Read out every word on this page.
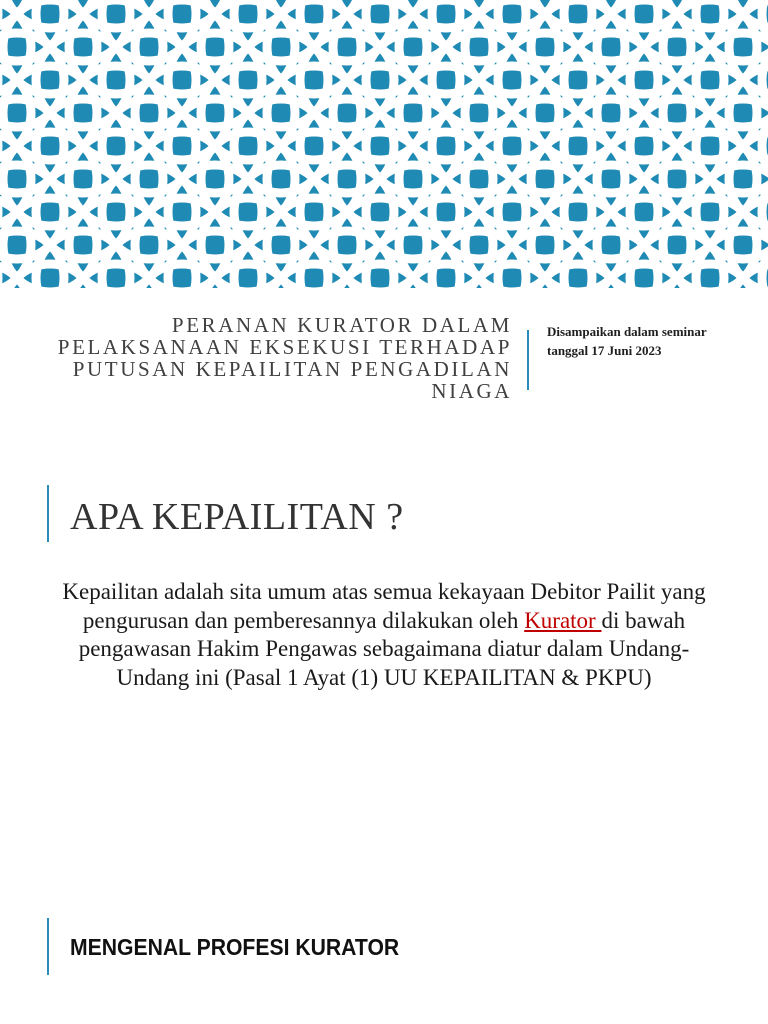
PERANAN KURATOR DALAM PELAKSANAAN EKSEKUSI TERHADAP PUTUSAN KEPAILITAN PENGADILAN NIAGA
Disampaikan dalam seminar tanggal 17 Juni 2023
APA KEPAILITAN ?
Kepailitan adalah sita umum atas semua kekayaan Debitor Pailit yang pengurusan dan pemberesannya dilakukan oleh Kurator di bawah pengawasan Hakim Pengawas sebagaimana diatur dalam Undang-Undang ini (Pasal 1 Ayat (1) UU KEPAILITAN & PKPU)
MENGENAL PROFESI KURATOR
